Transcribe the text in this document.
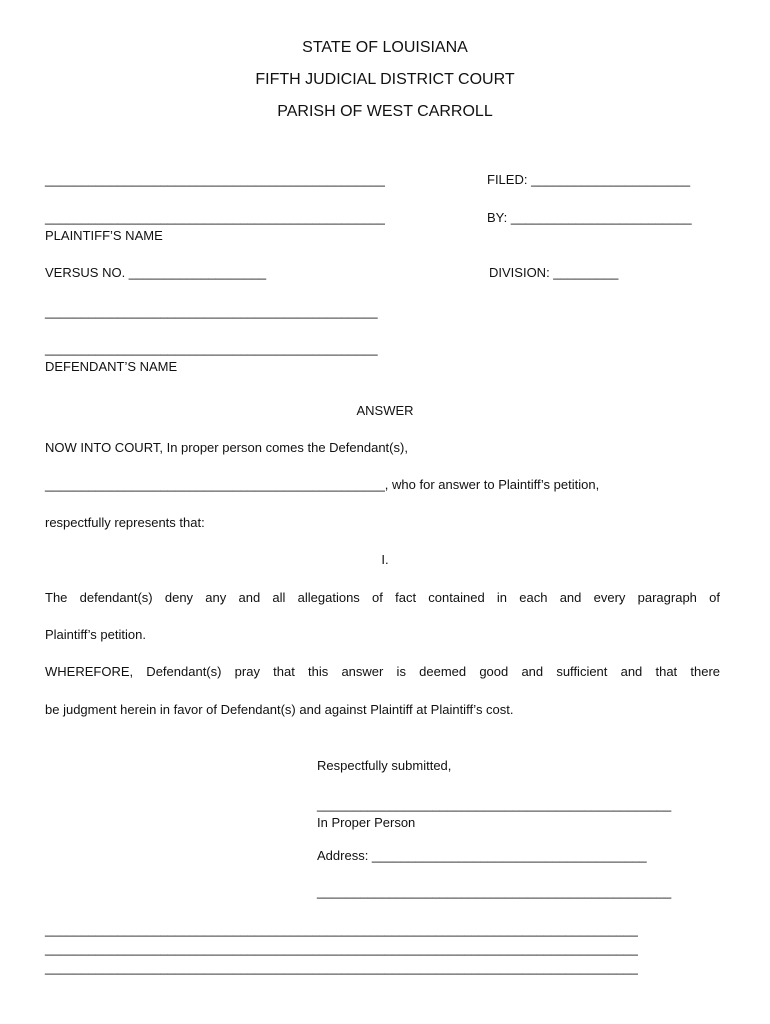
STATE OF LOUISIANA
FIFTH JUDICIAL DISTRICT COURT
PARISH OF WEST CARROLL
_______________________________________________	FILED: ______________________
_______________________________________________	BY: _________________________
PLAINTIFF’S NAME
VERSUS NO. ___________________	DIVISION: _________
______________________________________________
______________________________________________
DEFENDANT’S NAME
ANSWER
NOW INTO COURT, In proper person comes the Defendant(s),
_______________________________________________, who for answer to Plaintiff’s petition,
respectfully represents that:
I.
The defendant(s) deny any and all allegations of fact contained in each and every paragraph of
Plaintiff’s petition.
WHEREFORE, Defendant(s) pray that this answer is deemed good and sufficient and that there
be judgment herein in favor of Defendant(s) and against Plaintiff at Plaintiff’s cost.
Respectfully submitted,
_________________________________________________
In Proper Person
Address: ______________________________________
_________________________________________________
__________________________________________________________________________________
__________________________________________________________________________________
__________________________________________________________________________________
